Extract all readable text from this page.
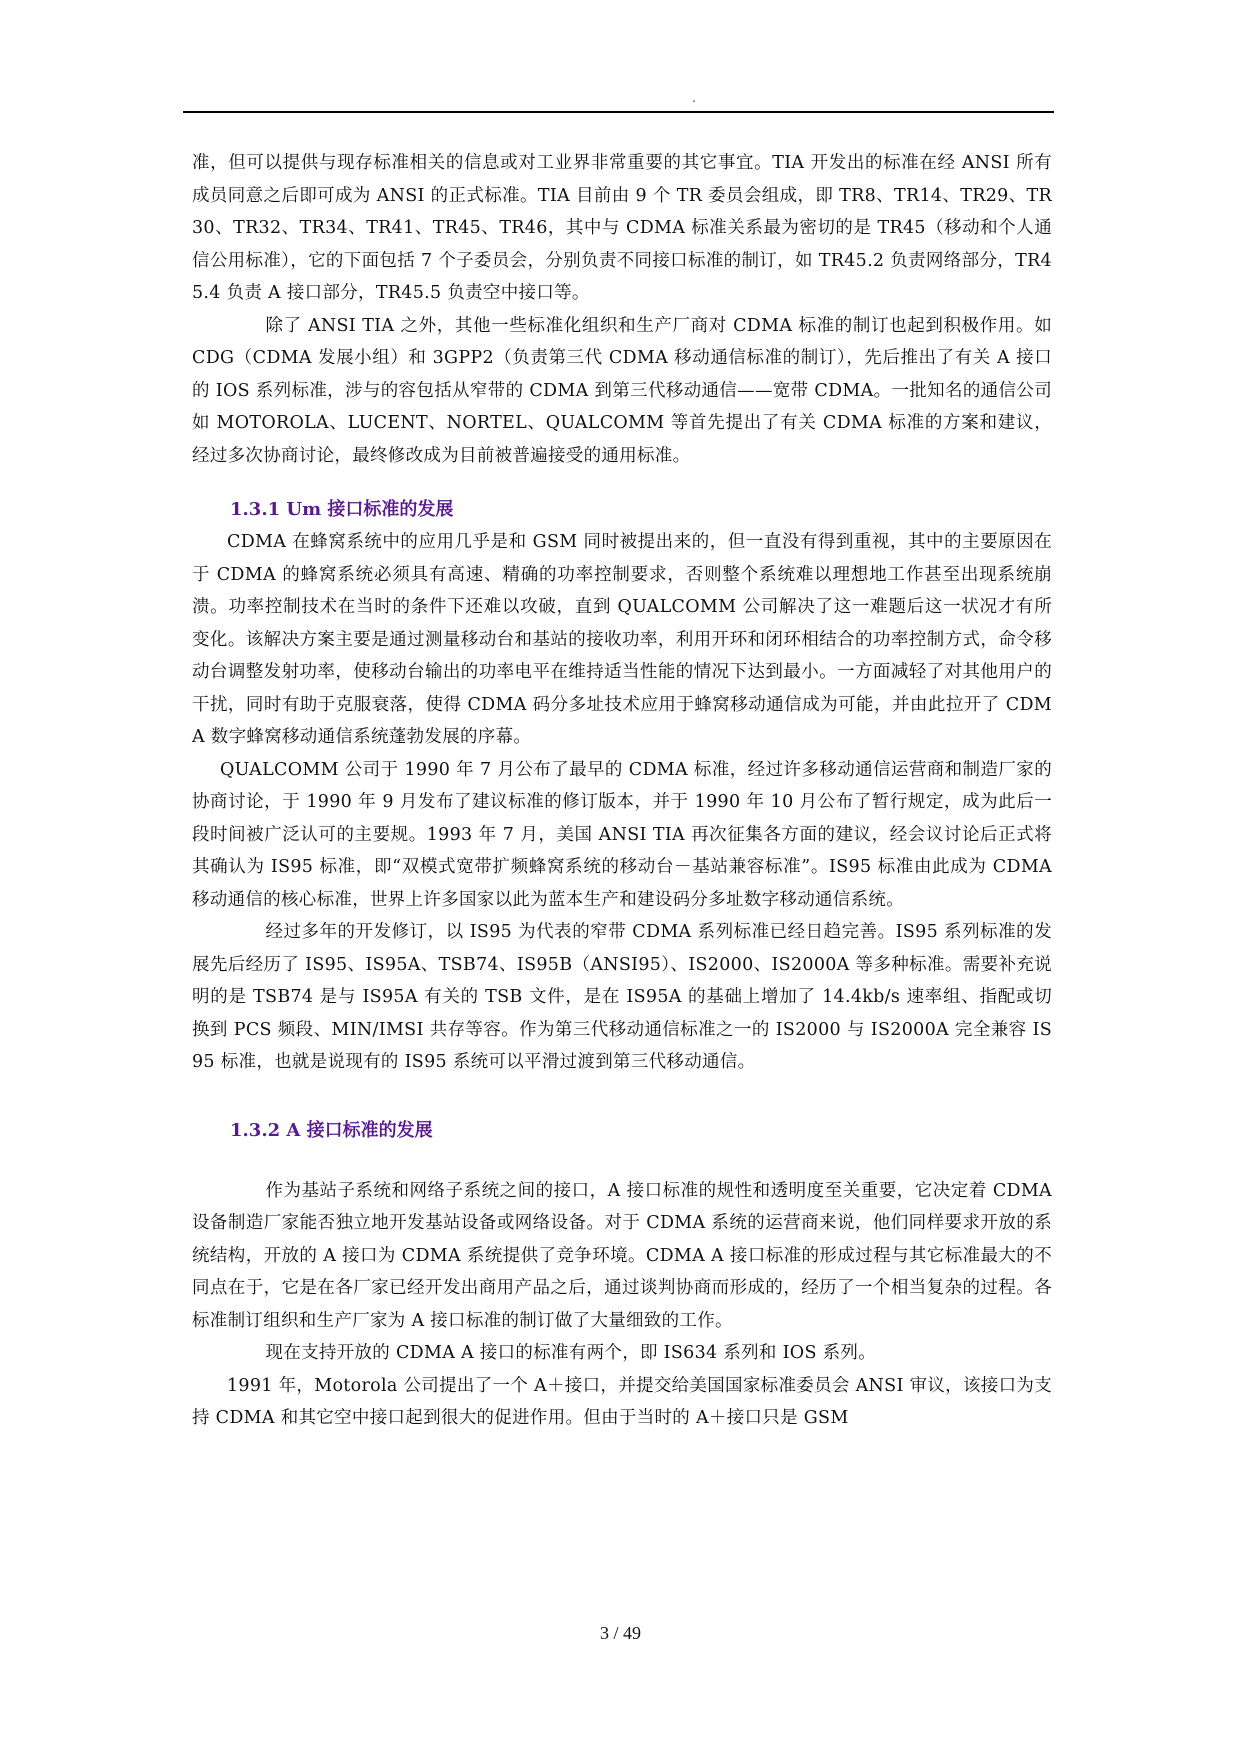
.

准，但可以提供与现存标准相关的信息或对工业界非常重要的其它事宜。TIA 开发出的标准在经 ANSI 所有成员同意之后即可成为 ANSI 的正式标准。TIA 目前由 9 个 TR 委员会组成，即 TR8、TR14、TR29、TR30、TR32、TR34、TR41、TR45、TR46，其中与 CDMA 标准关系最为密切的是 TR45（移动和个人通信公用标准），它的下面包括 7 个子委员会，分别负责不同接口标准的制订，如 TR45.2 负责网络部分，TR45.4 负责 A 接口部分，TR45.5 负责空中接口等。

除了 ANSI TIA 之外，其他一些标准化组织和生产厂商对 CDMA 标准的制订也起到积极作用。如 CDG（CDMA 发展小组）和 3GPP2（负责第三代 CDMA 移动通信标准的制订），先后推出了有关 A 接口的 IOS 系列标准，涉与的容包括从窄带的 CDMA 到第三代移动通信——宽带 CDMA。一批知名的通信公司如 MOTOROLA、LUCENT、NORTEL、QUALCOMM 等首先提出了有关 CDMA 标准的方案和建议，经过多次协商讨论，最终修改成为目前被普遍接受的通用标准。

1.3.1 Um 接口标准的发展

CDMA 在蜂窝系统中的应用几乎是和 GSM 同时被提出来的，但一直没有得到重视，其中的主要原因在于 CDMA 的蜂窝系统必须具有高速、精确的功率控制要求，否则整个系统难以理想地工作甚至出现系统崩溃。功率控制技术在当时的条件下还难以攻破，直到 QUALCOMM 公司解决了这一难题后这一状况才有所变化。该解决方案主要是通过测量移动台和基站的接收功率，利用开环和闭环相结合的功率控制方式，命令移动台调整发射功率，使移动台输出的功率电平在维持适当性能的情况下达到最小。一方面减轻了对其他用户的干扰，同时有助于克服衰落，使得 CDMA 码分多址技术应用于蜂窝移动通信成为可能，并由此拉开了 CDMA 数字蜂窝移动通信系统蓬勃发展的序幕。

QUALCOMM 公司于 1990 年 7 月公布了最早的 CDMA 标准，经过许多移动通信运营商和制造厂家的协商讨论，于 1990 年 9 月发布了建议标准的修订版本，并于 1990 年 10 月公布了暂行规定，成为此后一段时间被广泛认可的主要规。1993 年 7 月，美国 ANSI TIA 再次征集各方面的建议，经会议讨论后正式将其确认为 IS95 标准，即“双模式宽带扩频蜂窝系统的移动台－基站兼容标准”。IS95 标准由此成为 CDMA 移动通信的核心标准，世界上许多国家以此为蓝本生产和建设码分多址数字移动通信系统。

经过多年的开发修订，以 IS95 为代表的窄带 CDMA 系列标准已经日趋完善。IS95 系列标准的发展先后经历了 IS95、IS95A、TSB74、IS95B（ANSI95）、IS2000、IS2000A 等多种标准。需要补充说明的是 TSB74 是与 IS95A 有关的 TSB 文件，是在 IS95A 的基础上增加了 14.4kb/s 速率组、指配或切换到 PCS 频段、MIN/IMSI 共存等容。作为第三代移动通信标准之一的 IS2000 与 IS2000A 完全兼容 IS95 标准，也就是说现有的 IS95 系统可以平滑过渡到第三代移动通信。

1.3.2 A 接口标准的发展

作为基站子系统和网络子系统之间的接口，A 接口标准的规性和透明度至关重要，它决定着 CDMA 设备制造厂家能否独立地开发基站设备或网络设备。对于 CDMA 系统的运营商来说，他们同样要求开放的系统结构，开放的 A 接口为 CDMA 系统提供了竞争环境。CDMA A 接口标准的形成过程与其它标准最大的不同点在于，它是在各厂家已经开发出商用产品之后，通过谈判协商而形成的，经历了一个相当复杂的过程。各标准制订组织和生产厂家为 A 接口标准的制订做了大量细致的工作。

现在支持开放的 CDMA A 接口的标准有两个，即 IS634 系列和 IOS 系列。

1991 年，Motorola 公司提出了一个 A＋接口，并提交给美国国家标准委员会 ANSI 审议，该接口为支持 CDMA 和其它空中接口起到很大的促进作用。但由于当时的 A＋接口只是 GSM

3 / 49
